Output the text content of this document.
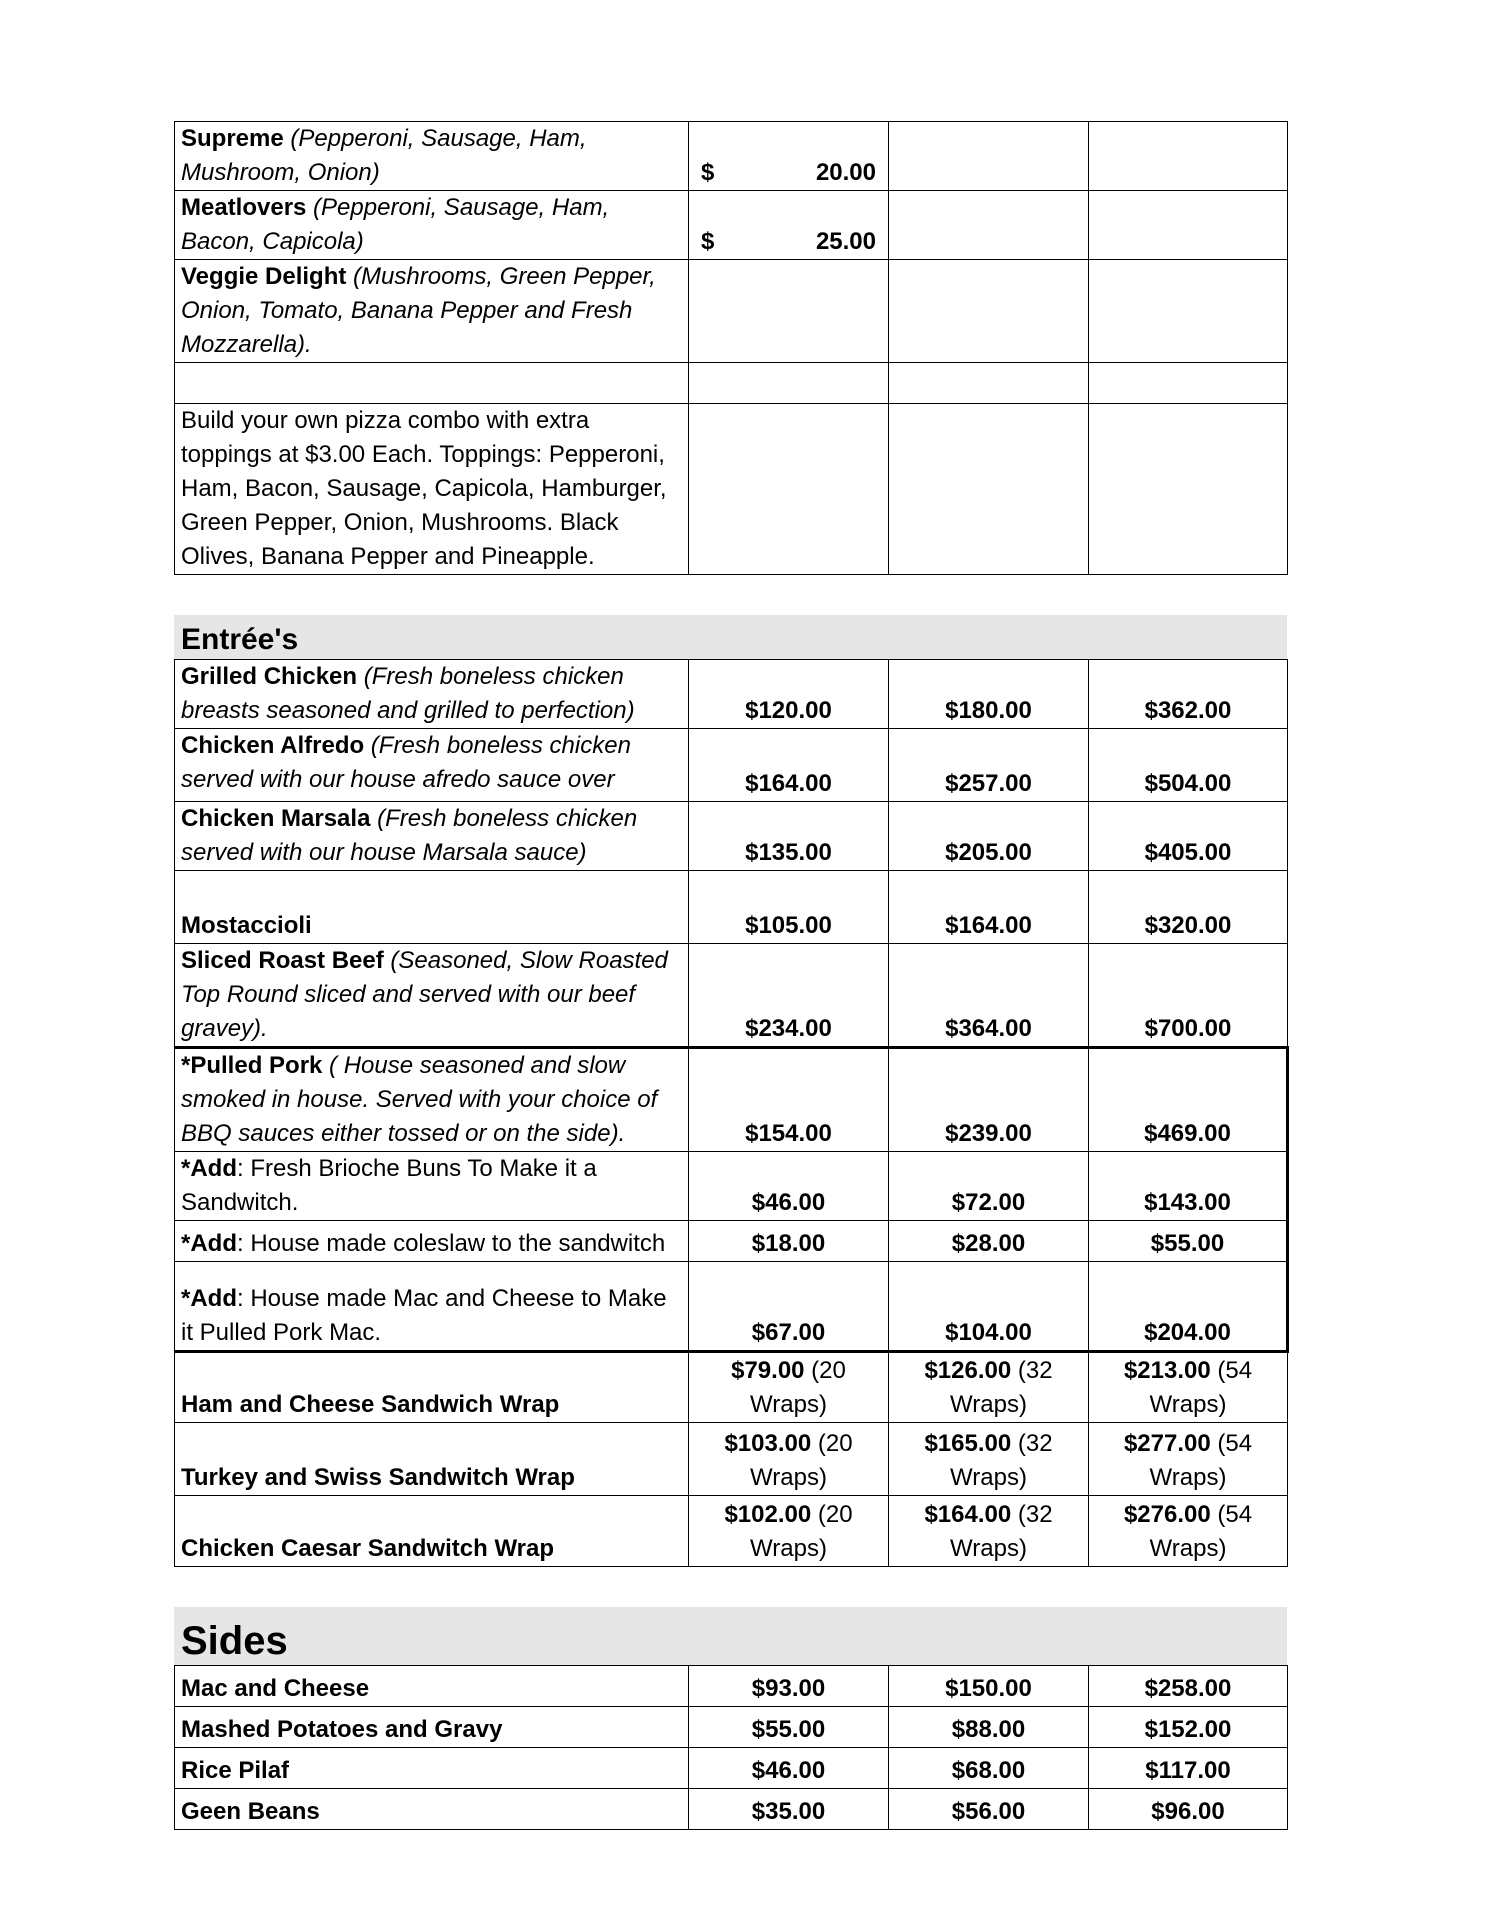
Supreme (Pepperoni, Sausage, Ham, Mushroom, Onion)	$ 20.00		

Meatlovers (Pepperoni, Sausage, Ham, Bacon, Capicola)	$ 25.00		

Veggie Delight (Mushrooms, Green Pepper, Onion, Tomato, Banana Pepper and Fresh Mozzarella).			

Build your own pizza combo with extra toppings at $3.00 Each. Toppings: Pepperoni, Ham, Bacon, Sausage, Capicola, Hamburger, Green Pepper, Onion, Mushrooms. Black Olives, Banana Pepper and Pineapple.			
Entrée's
Grilled Chicken (Fresh boneless chicken breasts seasoned and grilled to perfection)	$120.00	$180.00	$362.00
Chicken Alfredo (Fresh boneless chicken served with our house afredo sauce over	$164.00	$257.00	$504.00
Chicken Marsala (Fresh boneless chicken served with our house Marsala sauce)	$135.00	$205.00	$405.00
Mostaccioli	$105.00	$164.00	$320.00
Sliced Roast Beef (Seasoned, Slow Roasted Top Round sliced and served with our beef gravey).	$234.00	$364.00	$700.00
*Pulled Pork ( House seasoned and slow smoked in house. Served with your choice of BBQ sauces either tossed or on the side).	$154.00	$239.00	$469.00
*Add: Fresh Brioche Buns To Make it a Sandwitch.	$46.00	$72.00	$143.00
*Add: House made coleslaw to the sandwitch	$18.00	$28.00	$55.00
*Add: House made Mac and Cheese to Make it Pulled Pork Mac.	$67.00	$104.00	$204.00
Ham and Cheese Sandwich Wrap	$79.00 (20 Wraps)	$126.00 (32 Wraps)	$213.00 (54 Wraps)
Turkey and Swiss Sandwitch Wrap	$103.00 (20 Wraps)	$165.00 (32 Wraps)	$277.00 (54 Wraps)
Chicken Caesar Sandwitch Wrap	$102.00 (20 Wraps)	$164.00 (32 Wraps)	$276.00 (54 Wraps)
Sides
Mac and Cheese	$93.00	$150.00	$258.00
Mashed Potatoes and Gravy	$55.00	$88.00	$152.00
Rice Pilaf	$46.00	$68.00	$117.00
Geen Beans	$35.00	$56.00	$96.00
